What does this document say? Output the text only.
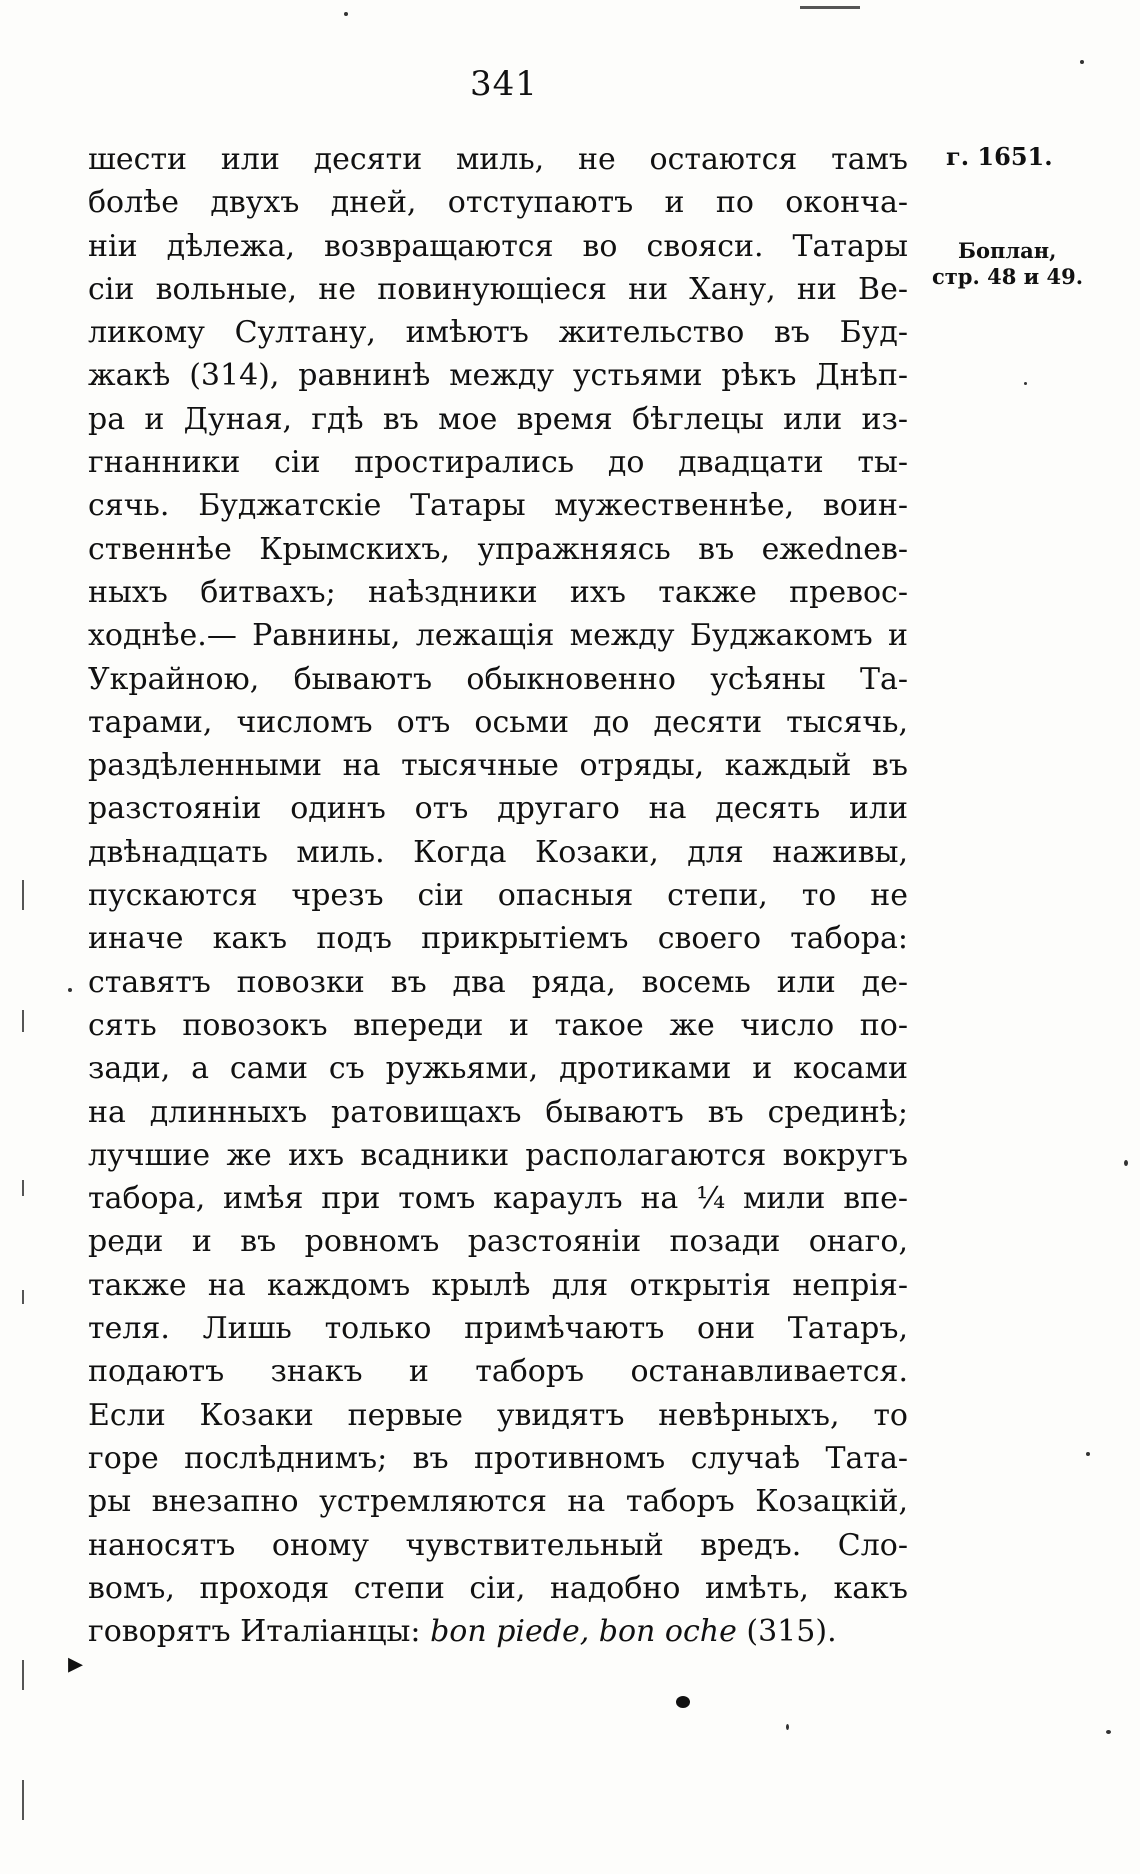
341
г. 1651.
Боплан,
стр. 48 и 49.
шести или десяти миль, не остаются тамъ
болѣе двухъ дней, отступаютъ и по оконча-
нiи дѣлежа, возвращаются во свояси. Татары
сiи вольные, не повинующiеся ни Хану, ни Ве-
ликому Султану, имѣютъ жительство въ Буд-
жакѣ (314), равнинѣ между устьями рѣкъ Днѣп-
ра и Дуная, гдѣ въ мое время бѣглецы или из-
гнанники сiи простирались до двадцати ты-
сячь. Буджатскiе Татары мужественнѣе, воин-
ственнѣе Крымскихъ, упражняясь въ ежednев-
ныхъ битвахъ; наѣздники ихъ также превос-
ходнѣе.— Равнины, лежащiя между Буджакомъ и
Украйною, бываютъ обыкновенно усѣяны Та-
тарами, числомъ отъ осьми до десяти тысячь,
раздѣленными на тысячные отряды, каждый въ
разстоянiи одинъ отъ другаго на десять или
двѣнадцать миль. Когда Козаки, для наживы,
пускаются чрезъ сiи опасныя степи, то не
иначе какъ подъ прикрытiемъ своего табора:
ставятъ повозки въ два ряда, восемь или де-
сять повозокъ впереди и такое же число по-
зади, а сами съ ружьями, дротиками и косами
на длинныхъ ратовищахъ бываютъ въ срединѣ;
лучшие же ихъ всадники располагаются вокругъ
табора, имѣя при томъ караулъ на ¼ мили впе-
реди и въ ровномъ разстоянiи позади онаго,
также на каждомъ крылѣ для открытiя непрiя-
теля. Лишь только примѣчаютъ они Татаръ,
подаютъ знакъ и таборъ останавливается.
Если Козаки первые увидятъ невѣрныхъ, то
горе послѣднимъ; въ противномъ случаѣ Тата-
ры внезапно устремляются на таборъ Козацкiй,
наносятъ оному чувствительный вредъ. Сло-
вомъ, проходя степи сiи, надобно имѣть, какъ
говорятъ Италiанцы: bon piede, bon oche (315).
▸
